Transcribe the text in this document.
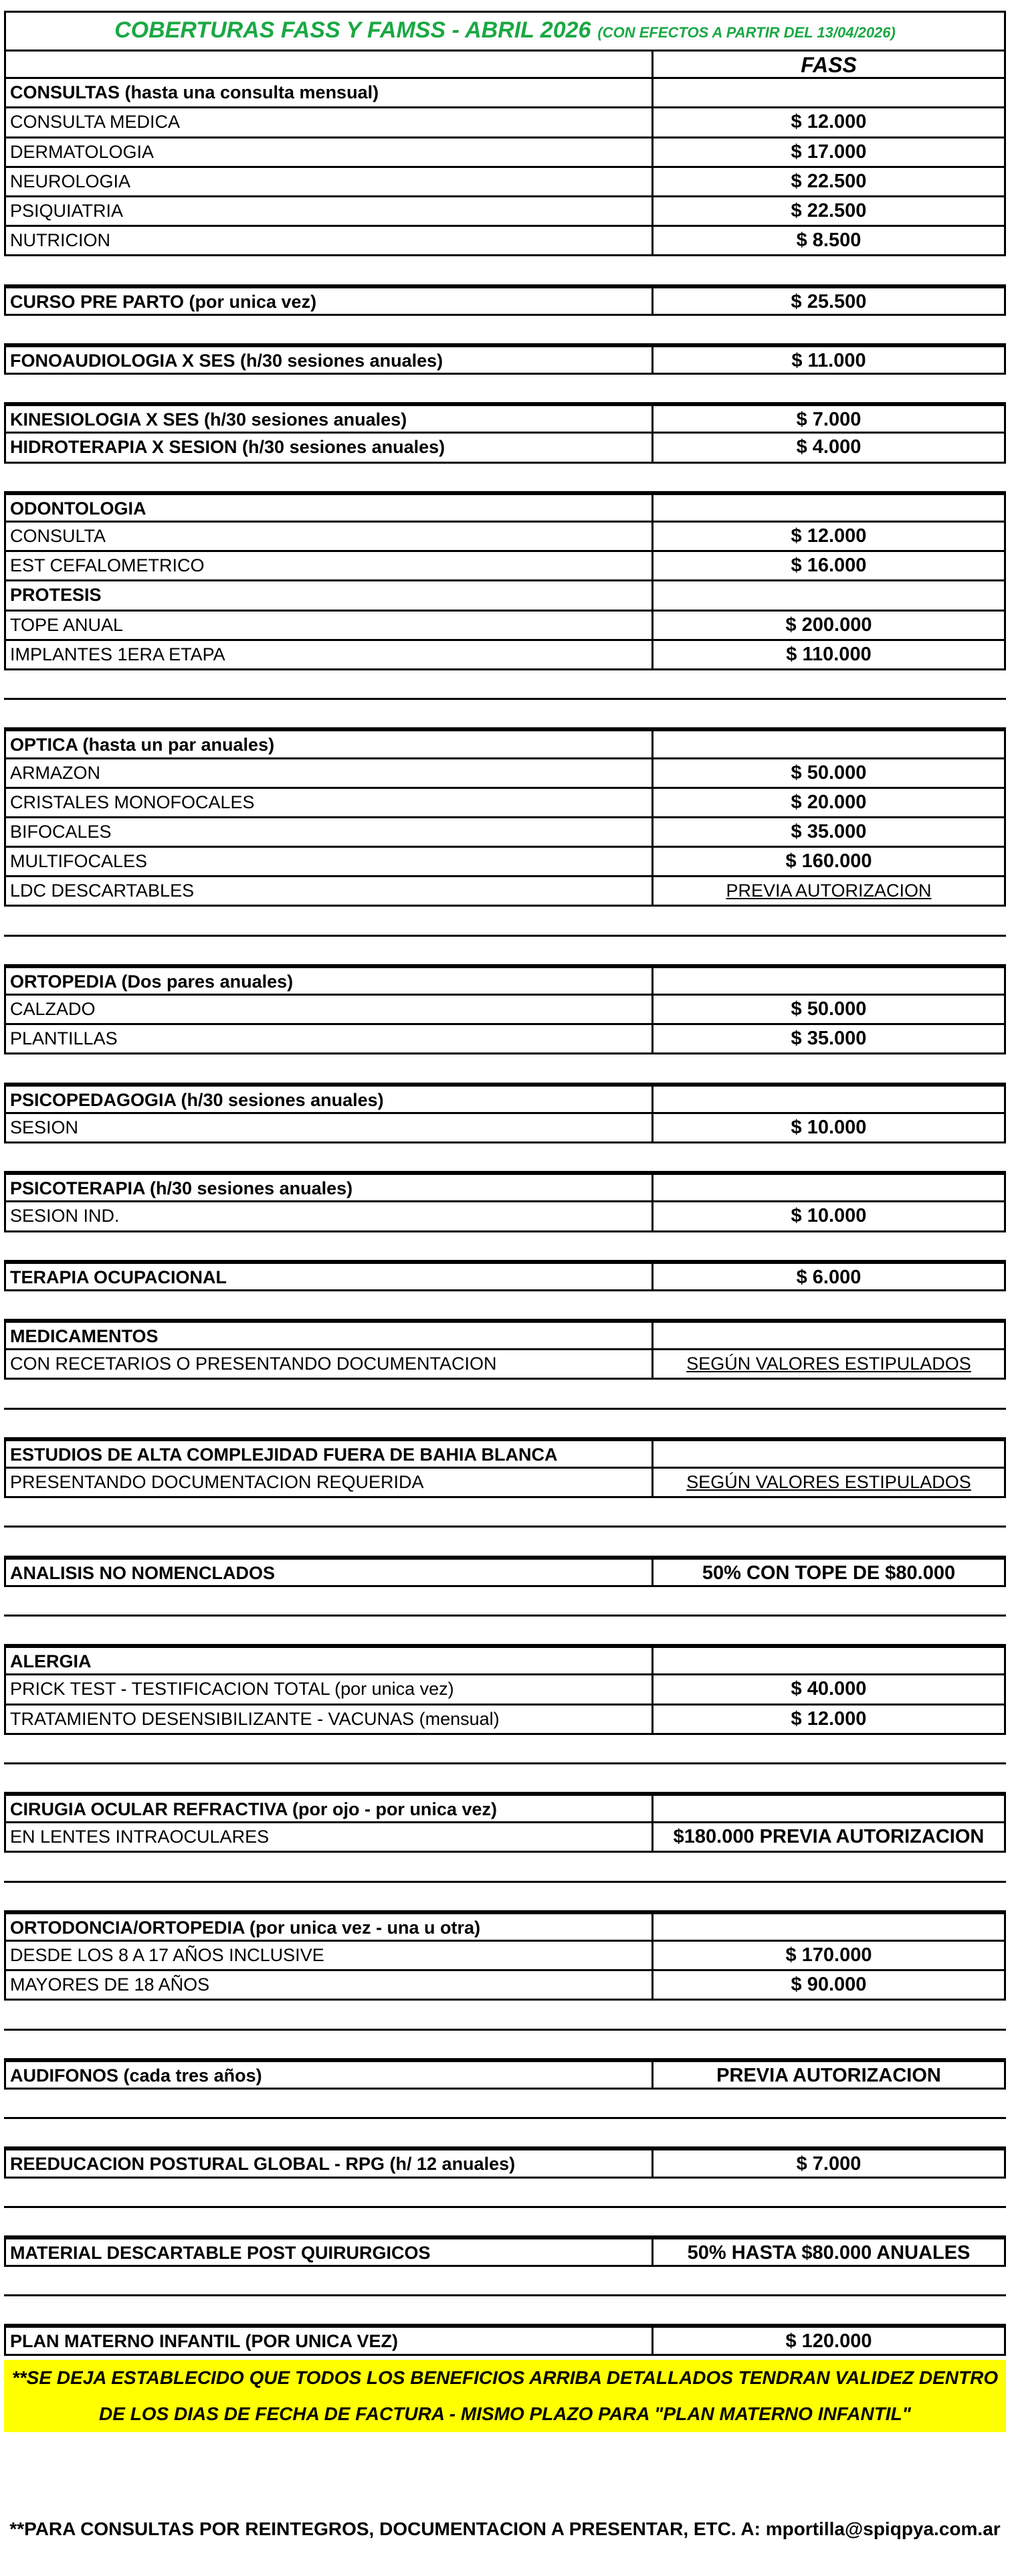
COBERTURAS FASS Y FAMSS - ABRIL 2026 (CON EFECTOS A PARTIR DEL 13/04/2026)
FASS
CONSULTAS (hasta una consulta mensual)
CONSULTA MEDICA	$ 12.000
DERMATOLOGIA	$ 17.000
NEUROLOGIA	$ 22.500
PSIQUIATRIA	$ 22.500
NUTRICION	$ 8.500
CURSO PRE PARTO (por unica vez)	$ 25.500
FONOAUDIOLOGIA X SES (h/30 sesiones anuales)	$ 11.000
KINESIOLOGIA X SES (h/30 sesiones anuales)	$ 7.000
HIDROTERAPIA X SESION (h/30 sesiones anuales)	$ 4.000
ODONTOLOGIA
CONSULTA	$ 12.000
EST CEFALOMETRICO	$ 16.000
PROTESIS
TOPE ANUAL	$ 200.000
IMPLANTES 1ERA ETAPA	$ 110.000
OPTICA (hasta un par anuales)
ARMAZON	$ 50.000
CRISTALES MONOFOCALES	$ 20.000
BIFOCALES	$ 35.000
MULTIFOCALES	$ 160.000
LDC DESCARTABLES	PREVIA AUTORIZACION
ORTOPEDIA (Dos pares anuales)
CALZADO	$ 50.000
PLANTILLAS	$ 35.000
PSICOPEDAGOGIA (h/30 sesiones anuales)
SESION	$ 10.000
PSICOTERAPIA (h/30 sesiones anuales)
SESION IND.	$ 10.000
TERAPIA OCUPACIONAL	$ 6.000
MEDICAMENTOS
CON RECETARIOS O PRESENTANDO DOCUMENTACION	SEGÚN VALORES ESTIPULADOS
ESTUDIOS DE ALTA COMPLEJIDAD FUERA DE BAHIA BLANCA
PRESENTANDO DOCUMENTACION REQUERIDA	SEGÚN VALORES ESTIPULADOS
ANALISIS NO NOMENCLADOS	50% CON TOPE DE $80.000
ALERGIA
PRICK TEST - TESTIFICACION TOTAL (por unica vez)	$ 40.000
TRATAMIENTO DESENSIBILIZANTE - VACUNAS (mensual)	$ 12.000
CIRUGIA OCULAR REFRACTIVA (por ojo - por unica vez)
EN LENTES INTRAOCULARES	$180.000 PREVIA AUTORIZACION
ORTODONCIA/ORTOPEDIA (por unica vez - una u otra)
DESDE LOS 8 A 17 AÑOS INCLUSIVE	$ 170.000
MAYORES DE 18 AÑOS	$ 90.000
AUDIFONOS (cada tres años)	PREVIA AUTORIZACION
REEDUCACION POSTURAL GLOBAL - RPG (h/ 12 anuales)	$ 7.000
MATERIAL DESCARTABLE POST QUIRURGICOS	50% HASTA $80.000 ANUALES
PLAN MATERNO INFANTIL (POR UNICA VEZ)	$ 120.000
**SE DEJA ESTABLECIDO QUE TODOS LOS BENEFICIOS ARRIBA DETALLADOS TENDRAN VALIDEZ DENTRO
DE LOS DIAS DE FECHA DE FACTURA - MISMO PLAZO PARA "PLAN MATERNO INFANTIL"
**PARA CONSULTAS POR REINTEGROS, DOCUMENTACION A PRESENTAR, ETC. A: mportilla@spiqpya.com.ar
